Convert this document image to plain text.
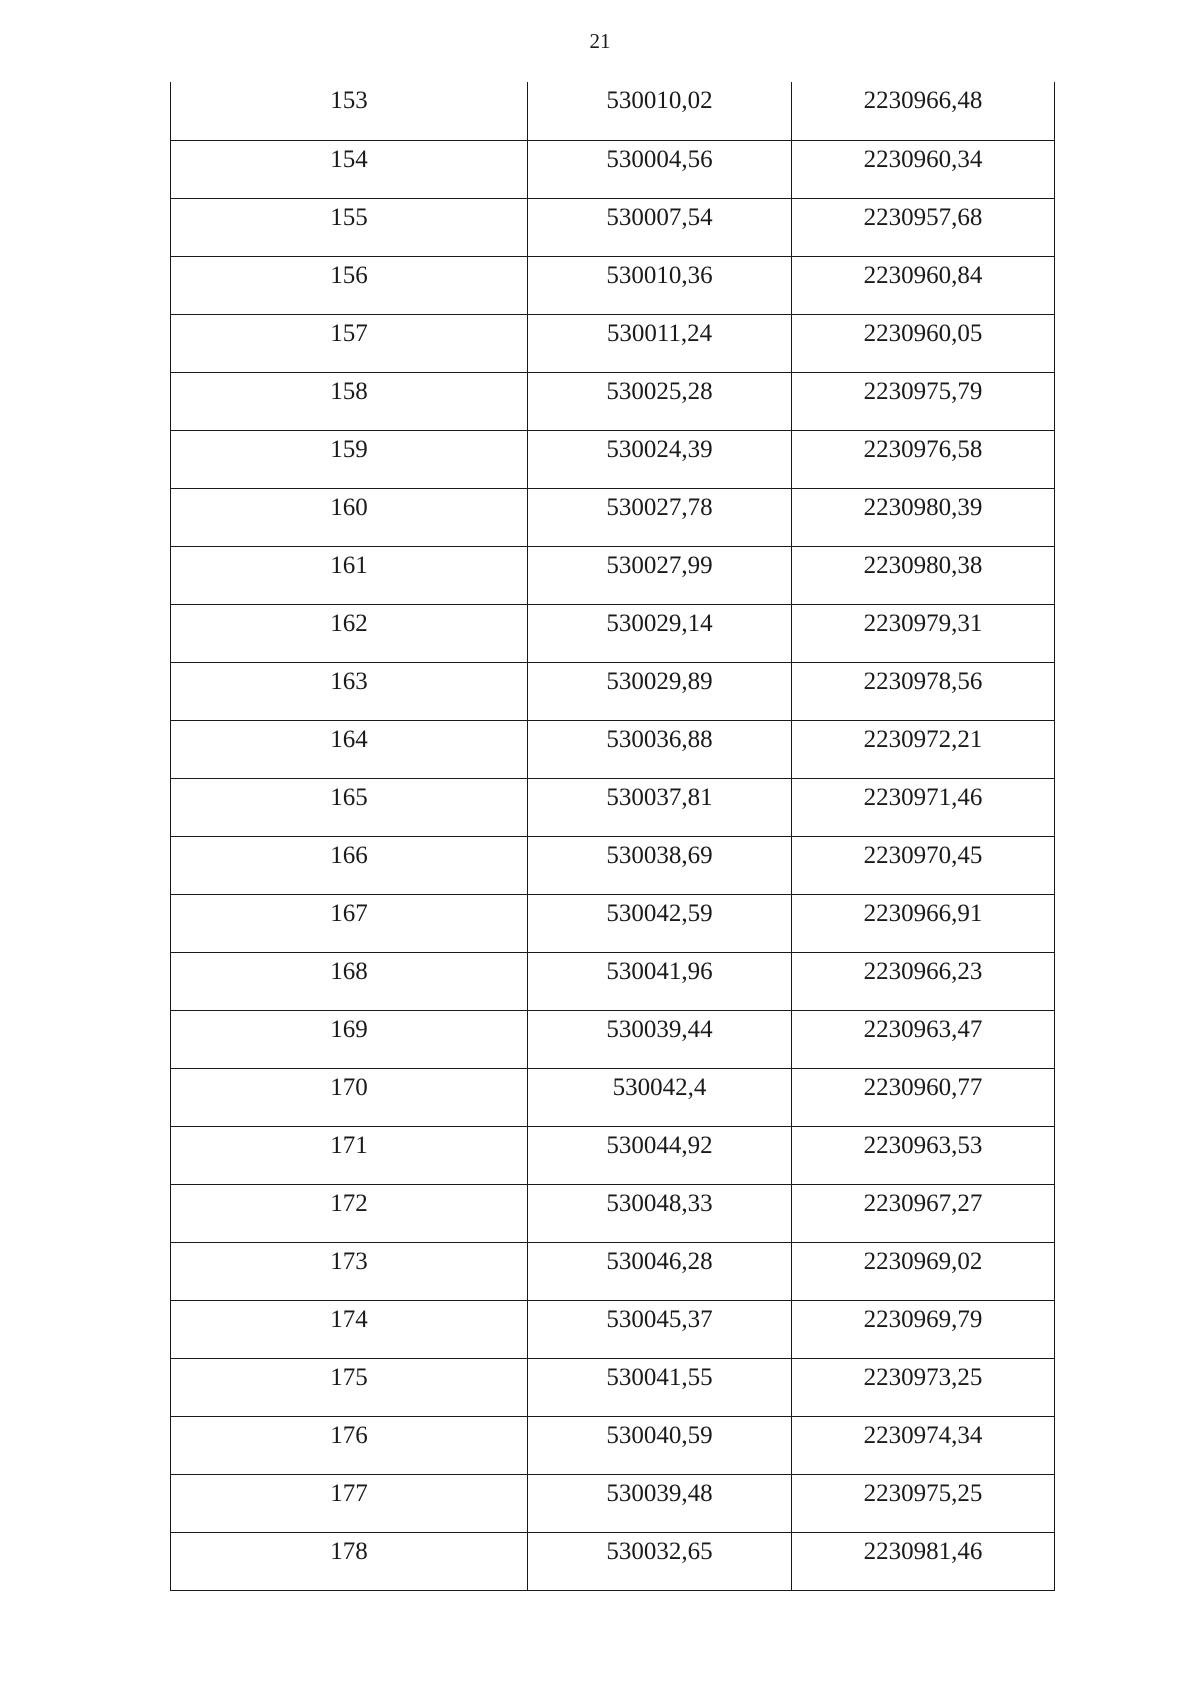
21
153	530010,02	2230966,48
154	530004,56	2230960,34
155	530007,54	2230957,68
156	530010,36	2230960,84
157	530011,24	2230960,05
158	530025,28	2230975,79
159	530024,39	2230976,58
160	530027,78	2230980,39
161	530027,99	2230980,38
162	530029,14	2230979,31
163	530029,89	2230978,56
164	530036,88	2230972,21
165	530037,81	2230971,46
166	530038,69	2230970,45
167	530042,59	2230966,91
168	530041,96	2230966,23
169	530039,44	2230963,47
170	530042,4	2230960,77
171	530044,92	2230963,53
172	530048,33	2230967,27
173	530046,28	2230969,02
174	530045,37	2230969,79
175	530041,55	2230973,25
176	530040,59	2230974,34
177	530039,48	2230975,25
178	530032,65	2230981,46
